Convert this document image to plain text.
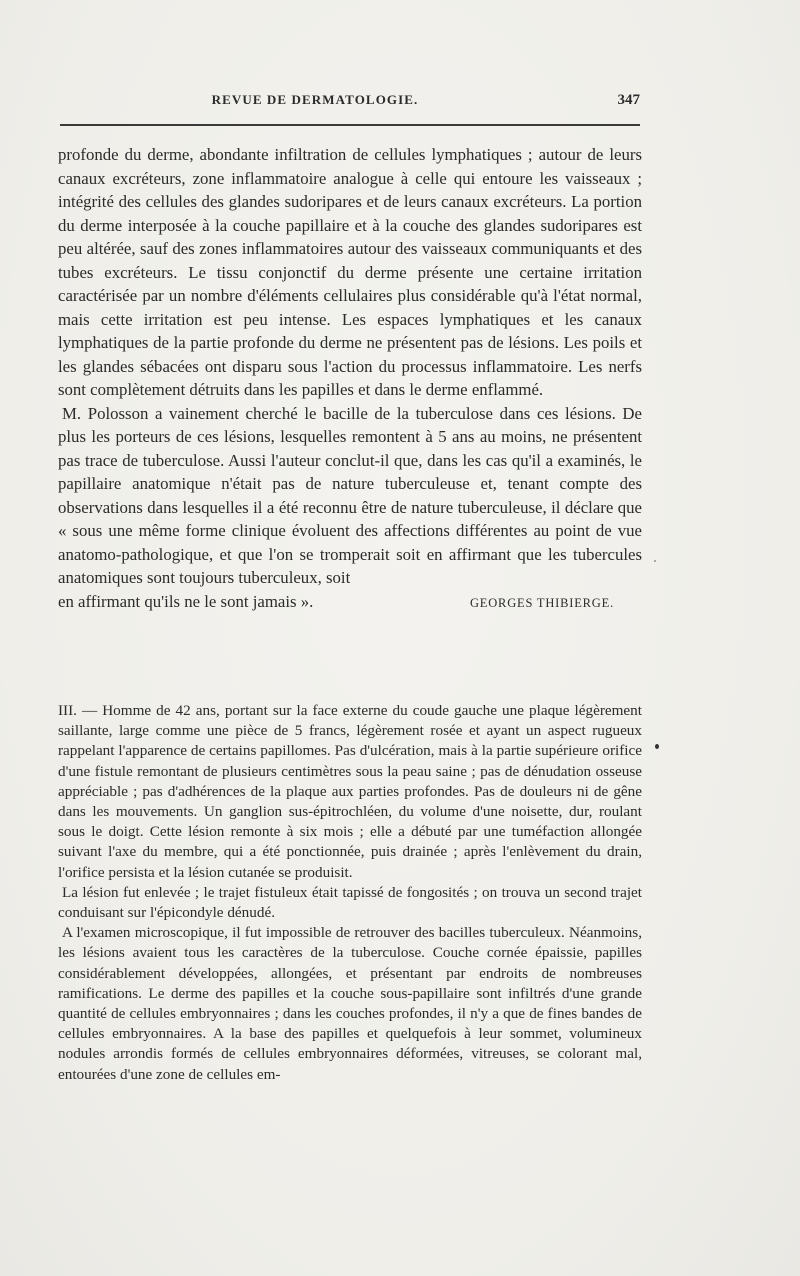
REVUE DE DERMATOLOGIE.	347

profonde du derme, abondante infiltration de cellules lymphatiques ; autour de leurs canaux excréteurs, zone inflammatoire analogue à celle qui entoure les vaisseaux ; intégrité des cellules des glandes sudoripares et de leurs canaux excréteurs. La portion du derme interposée à la couche papillaire et à la couche des glandes sudoripares est peu altérée, sauf des zones inflammatoires autour des vaisseaux communiquants et des tubes excréteurs. Le tissu conjonctif du derme présente une certaine irritation caractérisée par un nombre d'éléments cellulaires plus considérable qu'à l'état normal, mais cette irritation est peu intense. Les espaces lymphatiques et les canaux lymphatiques de la partie profonde du derme ne présentent pas de lésions. Les poils et les glandes sébacées ont disparu sous l'action du processus inflammatoire. Les nerfs sont complètement détruits dans les papilles et dans le derme enflammé.

M. Polosson a vainement cherché le bacille de la tuberculose dans ces lésions. De plus les porteurs de ces lésions, lesquelles remontent à 5 ans au moins, ne présentent pas trace de tuberculose. Aussi l'auteur conclut-il que, dans les cas qu'il a examinés, le papillaire anatomique n'était pas de nature tuberculeuse et, tenant compte des observations dans lesquelles il a été reconnu être de nature tuberculeuse, il déclare que « sous une même forme clinique évoluent des affections différentes au point de vue anatomo-pathologique, et que l'on se tromperait soit en affirmant que les tubercules anatomiques sont toujours tuberculeux, soit

en affirmant qu'ils ne le sont jamais ».	GEORGES THIBIERGE.

III. — Homme de 42 ans, portant sur la face externe du coude gauche une plaque légèrement saillante, large comme une pièce de 5 francs, légèrement rosée et ayant un aspect rugueux rappelant l'apparence de certains papillomes. Pas d'ulcération, mais à la partie supérieure orifice d'une fistule remontant de plusieurs centimètres sous la peau saine ; pas de dénudation osseuse appréciable ; pas d'adhérences de la plaque aux parties profondes. Pas de douleurs ni de gêne dans les mouvements. Un ganglion sus-épitrochléen, du volume d'une noisette, dur, roulant sous le doigt. Cette lésion remonte à six mois ; elle a débuté par une tuméfaction allongée suivant l'axe du membre, qui a été ponctionnée, puis drainée ; après l'enlèvement du drain, l'orifice persista et la lésion cutanée se produisit.

La lésion fut enlevée ; le trajet fistuleux était tapissé de fongosités ; on trouva un second trajet conduisant sur l'épicondyle dénudé.

A l'examen microscopique, il fut impossible de retrouver des bacilles tuberculeux. Néanmoins, les lésions avaient tous les caractères de la tuberculose. Couche cornée épaissie, papilles considérablement développées, allongées, et présentant par endroits de nombreuses ramifications. Le derme des papilles et la couche sous-papillaire sont infiltrés d'une grande quantité de cellules embryonnaires ; dans les couches profondes, il n'y a que de fines bandes de cellules embryonnaires. A la base des papilles et quelquefois à leur sommet, volumineux nodules arrondis formés de cellules embryonnaires déformées, vitreuses, se colorant mal, entourées d'une zone de cellules em-
